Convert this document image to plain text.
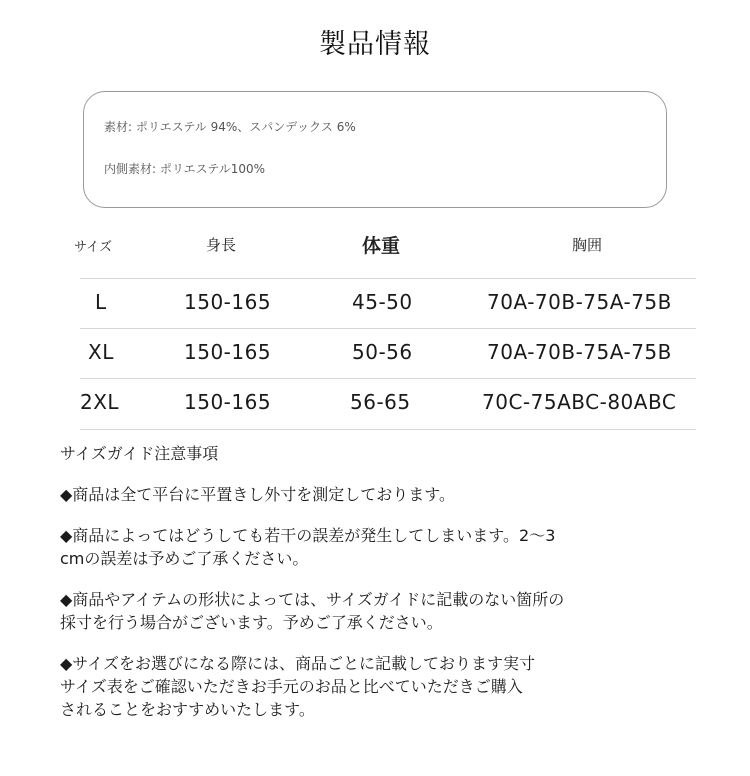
製品情報
素材: ポリエステル 94%、スパンデックス 6%
内側素材: ポリエステル100%
サイズ	身長	体重	胸囲
L	150-165	45-50	70A-70B-75A-75B
XL	150-165	50-56	70A-70B-75A-75B
2XL	150-165	56-65	70C-75ABC-80ABC
サイズガイド注意事項
◆商品は全て平台に平置きし外寸を測定しております。
◆商品によってはどうしても若干の誤差が発生してしまいます。2～3
cmの誤差は予めご了承ください。
◆商品やアイテムの形状によっては、サイズガイドに記載のない箇所の
採寸を行う場合がございます。予めご了承ください。
◆サイズをお選びになる際には、商品ごとに記載しております実寸
サイズ表をご確認いただきお手元のお品と比べていただきご購入
されることをおすすめいたします。
